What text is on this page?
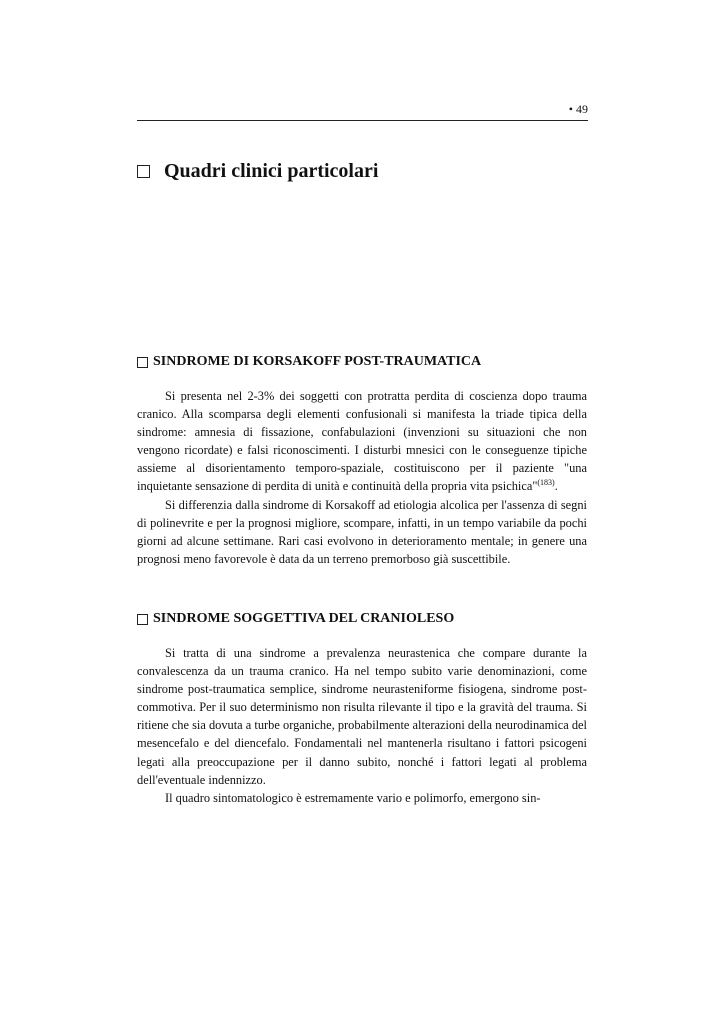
• 49
Quadri clinici particolari
SINDROME DI KORSAKOFF POST-TRAUMATICA

Si presenta nel 2-3% dei soggetti con protratta perdita di coscienza dopo trauma cranico. Alla scomparsa degli elementi confusionali si manifesta la triade tipica della sindrome: amnesia di fissazione, confabulazioni (invenzioni su situazioni che non vengono ricordate) e falsi riconoscimenti. I disturbi mnesici con le conseguenze tipiche assieme al disorientamento temporo-spaziale, costituiscono per il paziente "una inquietante sensazione di perdita di unità e continuità della propria vita psichica"$^{(183)}$.

Si differenzia dalla sindrome di Korsakoff ad etiologia alcolica per l'assenza di segni di polinevrite e per la prognosi migliore, scompare, infatti, in un tempo variabile da pochi giorni ad alcune settimane. Rari casi evolvono in deterioramento mentale; in genere una prognosi meno favorevole è data da un terreno premorboso già suscettibile.

SINDROME SOGGETTIVA DEL CRANIOLESO

Si tratta di una sindrome a prevalenza neurastenica che compare durante la convalescenza da un trauma cranico. Ha nel tempo subito varie denominazioni, come sindrome post-traumatica semplice, sindrome neurasteniforme fisiogena, sindrome post-commotiva. Per il suo determinismo non risulta rilevante il tipo e la gravità del trauma. Si ritiene che sia dovuta a turbe organiche, probabilmente alterazioni della neurodinamica del mesencefalo e del diencefalo. Fondamentali nel mantenerla risultano i fattori psicogeni legati alla preoccupazione per il danno subito, nonché i fattori legati al problema dell'eventuale indennizzo.

Il quadro sintomatologico è estremamente vario e polimorfo, emergono sin-
